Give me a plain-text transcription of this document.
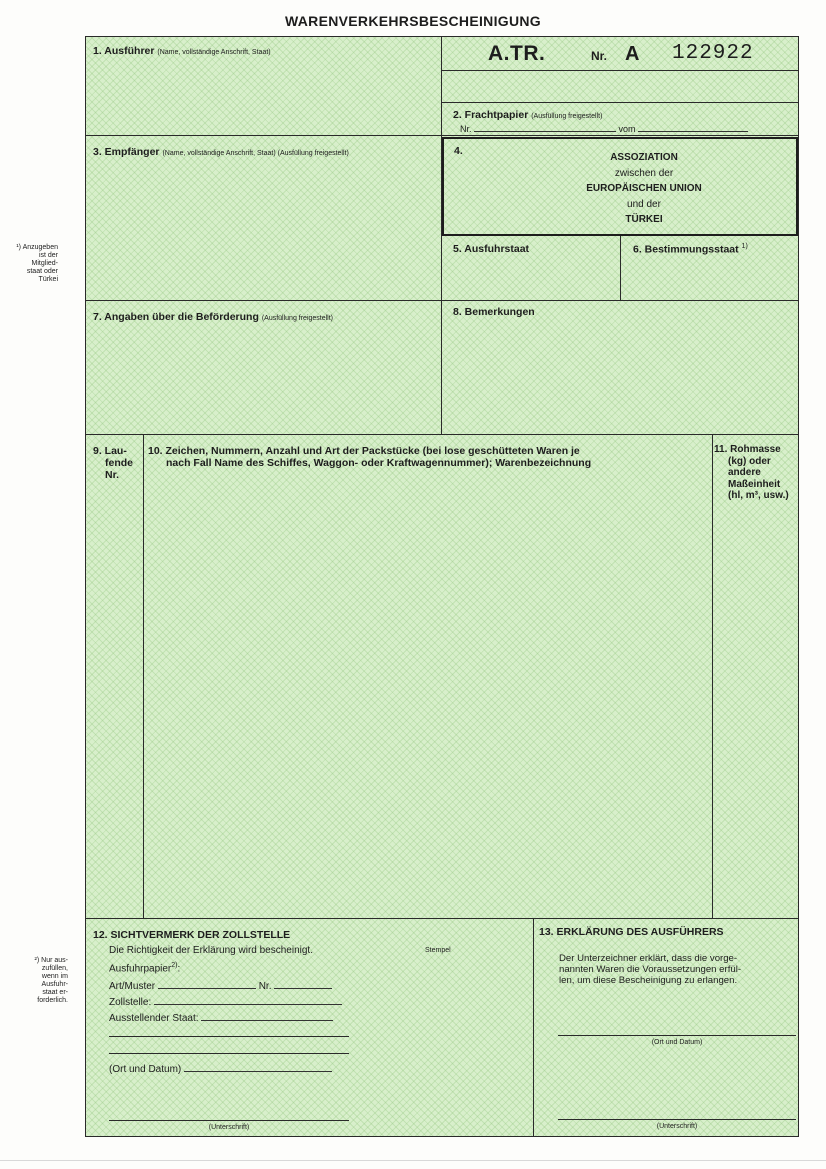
WARENVERKEHRSBESCHEINIGUNG
¹) Anzugeben
ist der
Mitglied-
staat oder
Türkei
²) Nur aus-
zufüllen,
wenn im
Ausfuhr-
staat er-
forderlich.
1. Ausführer (Name, vollständige Anschrift, Staat)	A.TR.	Nr. A 122922
2. Frachtpapier (Ausfüllung freigestellt)
Nr.	vom
3. Empfänger (Name, vollständige Anschrift, Staat) (Ausfüllung freigestellt)	4.
ASSOZIATION
zwischen der
EUROPÄISCHEN UNION
und der
TÜRKEI
5. Ausfuhrstaat	6. Bestimmungsstaat $^{1)}$
7. Angaben über die Beförderung (Ausfüllung freigestellt)
8. Bemerkungen
9. Lau-
fende
Nr.
10. Zeichen, Nummern, Anzahl und Art der Packstücke (bei lose geschütteten Waren je
nach Fall Name des Schiffes, Waggon- oder Kraftwagennummer); Warenbezeichnung
11. Rohmasse
(kg) oder
andere
Maßeinheit
(hl, m³, usw.)
12. SICHTVERMERK DER ZOLLSTELLE
Die Richtigkeit der Erklärung wird bescheinigt.	Stempel
Ausfuhrpapier$^{2)}$:
Art/Muster	Nr.
Zollstelle:
Ausstellender Staat:
(Ort und Datum)
(Unterschrift)
13. ERKLÄRUNG DES AUSFÜHRERS
Der Unterzeichner erklärt, dass die vorge-
nannten Waren die Voraussetzungen erfül-
len, um diese Bescheinigung zu erlangen.
(Ort und Datum)
(Unterschrift)
